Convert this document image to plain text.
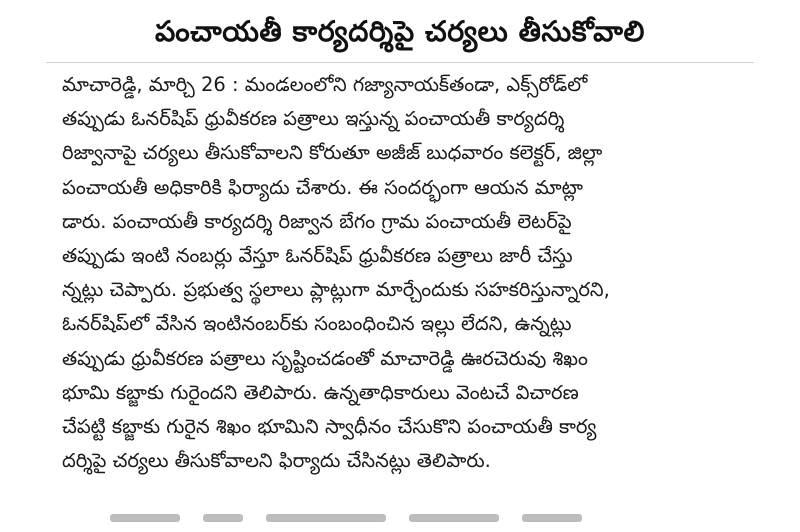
పంచాయతీ కార్యదర్శిపై చర్యలు తీసుకోవాలి
మాచారెడ్డి, మార్చి 26 : మండలంలోని గజ్యానాయక్‌తండా, ఎక్స్‌రోడ్‌లో
తప్పుడు ఓనర్‌షిప్ ధ్రువీకరణ పత్రాలు ఇస్తున్న పంచాయతీ కార్యదర్శి
రిజ్వానాపై చర్యలు తీసుకోవాలని కోరుతూ అజీజ్ బుధవారం కలెక్టర్, జిల్లా
పంచాయతీ అధికారికి ఫిర్యాదు చేశారు. ఈ సందర్భంగా ఆయన మాట్లా
డారు. పంచాయతీ కార్యదర్శి రిజ్వాన బేగం గ్రామ పంచాయతీ లెటర్‌పై
తప్పుడు ఇంటి నంబర్లు వేస్తూ ఓనర్‌షిప్ ధ్రువీకరణ పత్రాలు జారీ చేస్తు
న్నట్లు చెప్పారు. ప్రభుత్వ స్థలాలు ప్లాట్లుగా మార్చేందుకు సహకరిస్తున్నారని,
ఓనర్‌షిప్‌లో వేసిన ఇంటినంబర్‌కు సంబంధించిన ఇల్లు లేదని, ఉన్నట్లు
తప్పుడు ధ్రువీకరణ పత్రాలు సృష్టించడంతో మాచారెడ్డి ఊరచెరువు శిఖం
భూమి కబ్జాకు గురైందని తెలిపారు. ఉన్నతాధికారులు వెంటచే విచారణ
చేపట్టి కబ్జాకు గురైన శిఖం భూమిని స్వాధీనం చేసుకొని పంచాయతీ కార్య
దర్శిపై చర్యలు తీసుకోవాలని ఫిర్యాదు చేసినట్లు తెలిపారు.
